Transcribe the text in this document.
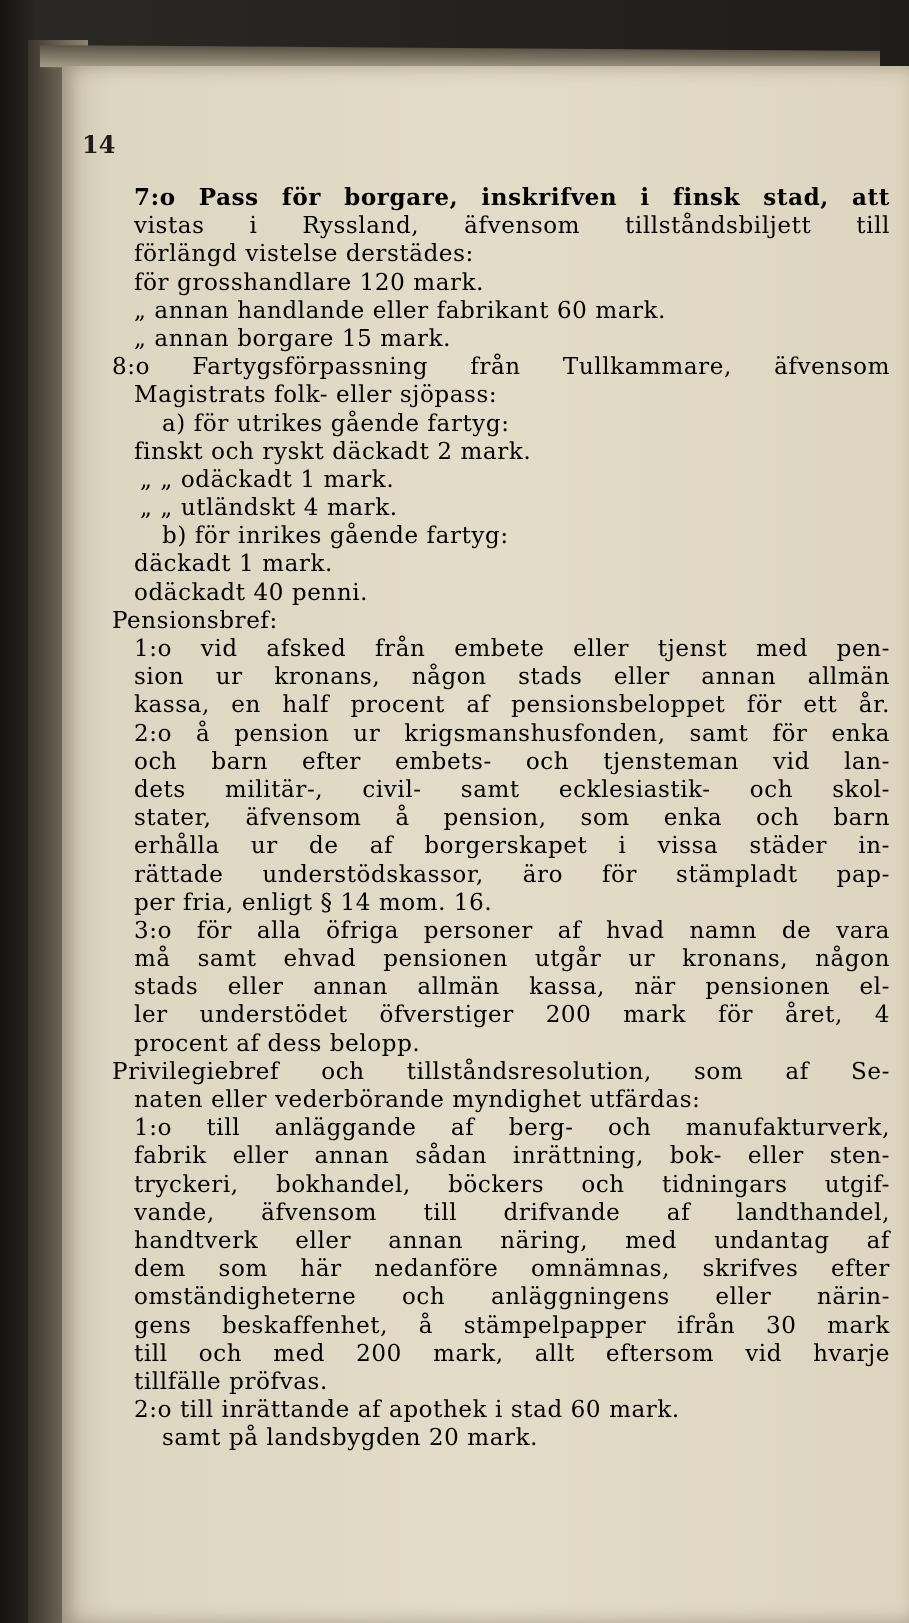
14
7:o Pass för borgare, inskrifven i finsk stad, att
vistas i Ryssland, äfvensom tillståndsbiljett till
förlängd vistelse derstädes:
för grosshandlare 120 mark.
„ annan handlande eller fabrikant 60 mark.
„ annan borgare 15 mark.
8:o Fartygsförpassning från Tullkammare, äfvensom
Magistrats folk- eller sjöpass:
a) för utrikes gående fartyg:
finskt och ryskt däckadt 2 mark.
„ „ odäckadt 1 mark.
„ „ utländskt 4 mark.
b) för inrikes gående fartyg:
däckadt 1 mark.
odäckadt 40 penni.
Pensionsbref:
1:o vid afsked från embete eller tjenst med pen-
sion ur kronans, någon stads eller annan allmän
kassa, en half procent af pensionsbeloppet för ett år.
2:o å pension ur krigsmanshusfonden, samt för enka
och barn efter embets- och tjensteman vid lan-
dets militär-, civil- samt ecklesiastik- och skol-
stater, äfvensom å pension, som enka och barn
erhålla ur de af borgerskapet i vissa städer in-
rättade understödskassor, äro för stämpladt pap-
per fria, enligt § 14 mom. 16.
3:o för alla öfriga personer af hvad namn de vara
må samt ehvad pensionen utgår ur kronans, någon
stads eller annan allmän kassa, när pensionen el-
ler understödet öfverstiger 200 mark för året, 4
procent af dess belopp.
Privilegiebref och tillståndsresolution, som af Se-
naten eller vederbörande myndighet utfärdas:
1:o till anläggande af berg- och manufakturverk,
fabrik eller annan sådan inrättning, bok- eller sten-
tryckeri, bokhandel, böckers och tidningars utgif-
vande, äfvensom till drifvande af landthandel,
handtverk eller annan näring, med undantag af
dem som här nedanföre omnämnas, skrifves efter
omständigheterne och anläggningens eller närin-
gens beskaffenhet, å stämpelpapper ifrån 30 mark
till och med 200 mark, allt eftersom vid hvarje
tillfälle pröfvas.
2:o till inrättande af apothek i stad 60 mark.
samt på landsbygden 20 mark.
